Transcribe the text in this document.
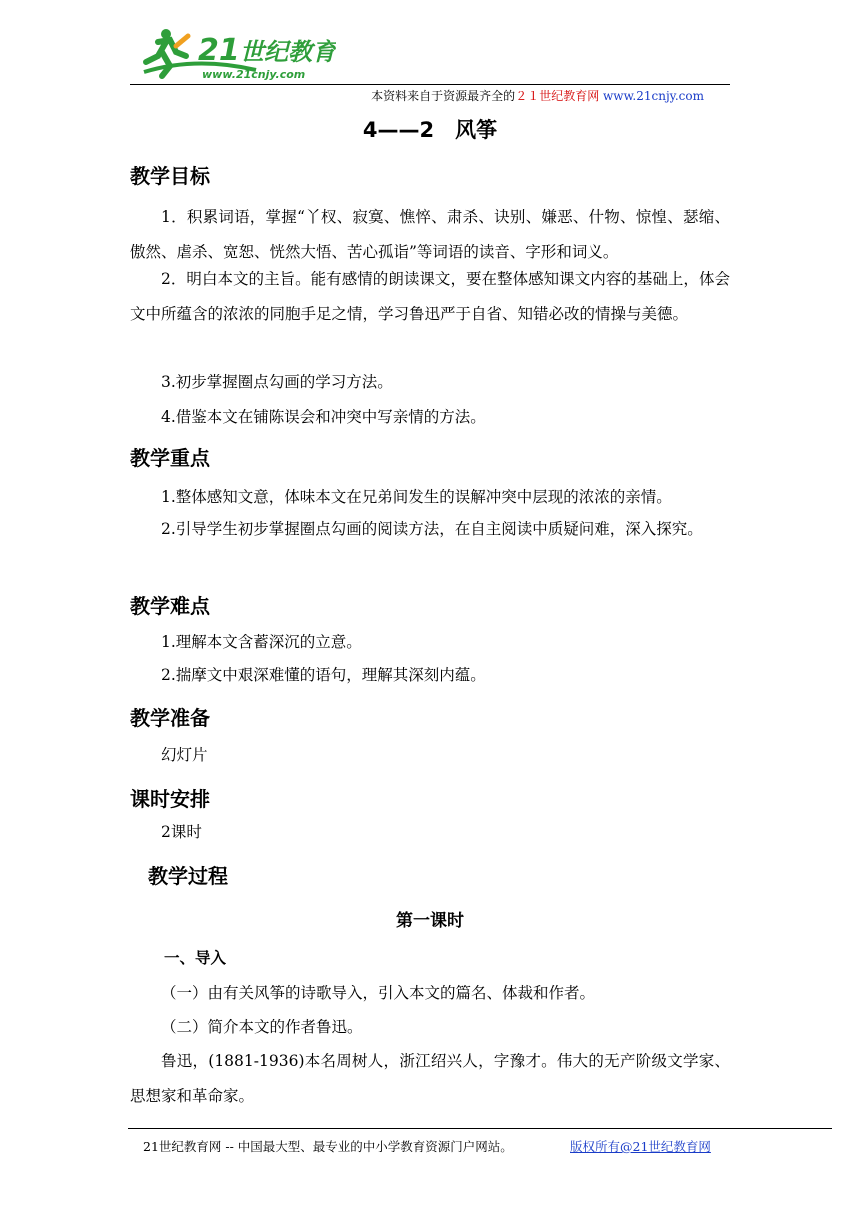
21 世纪教育
www.21cnjy.com
本资料来自于资源最齐全的２１世纪教育网 www.21cnjy.com
4——2　风筝
教学目标
1．积累词语，掌握“丫杈、寂寞、憔悴、肃杀、诀别、嫌恶、什物、惊惶、瑟缩、傲然、虐杀、宽恕、恍然大悟、苦心孤诣”等词语的读音、字形和词义。
2．明白本文的主旨。能有感情的朗读课文，要在整体感知课文内容的基础上，体会文中所蕴含的浓浓的同胞手足之情，学习鲁迅严于自省、知错必改的情操与美德。
3.初步掌握圈点勾画的学习方法。
4.借鉴本文在铺陈误会和冲突中写亲情的方法。
教学重点
1.整体感知文意，体味本文在兄弟间发生的误解冲突中层现的浓浓的亲情。
2.引导学生初步掌握圈点勾画的阅读方法，在自主阅读中质疑问难，深入探究。
教学难点
1.理解本文含蓄深沉的立意。
2.揣摩文中艰深难懂的语句，理解其深刻内蕴。
教学准备
幻灯片
课时安排
2课时
教学过程
第一课时
一、导入
（一）由有关风筝的诗歌导入，引入本文的篇名、体裁和作者。
（二）简介本文的作者鲁迅。
鲁迅，(1881-1936)本名周树人，浙江绍兴人，字豫才。伟大的无产阶级文学家、思想家和革命家。
21世纪教育网 -- 中国最大型、最专业的中小学教育资源门户网站。	版权所有@21世纪教育网
